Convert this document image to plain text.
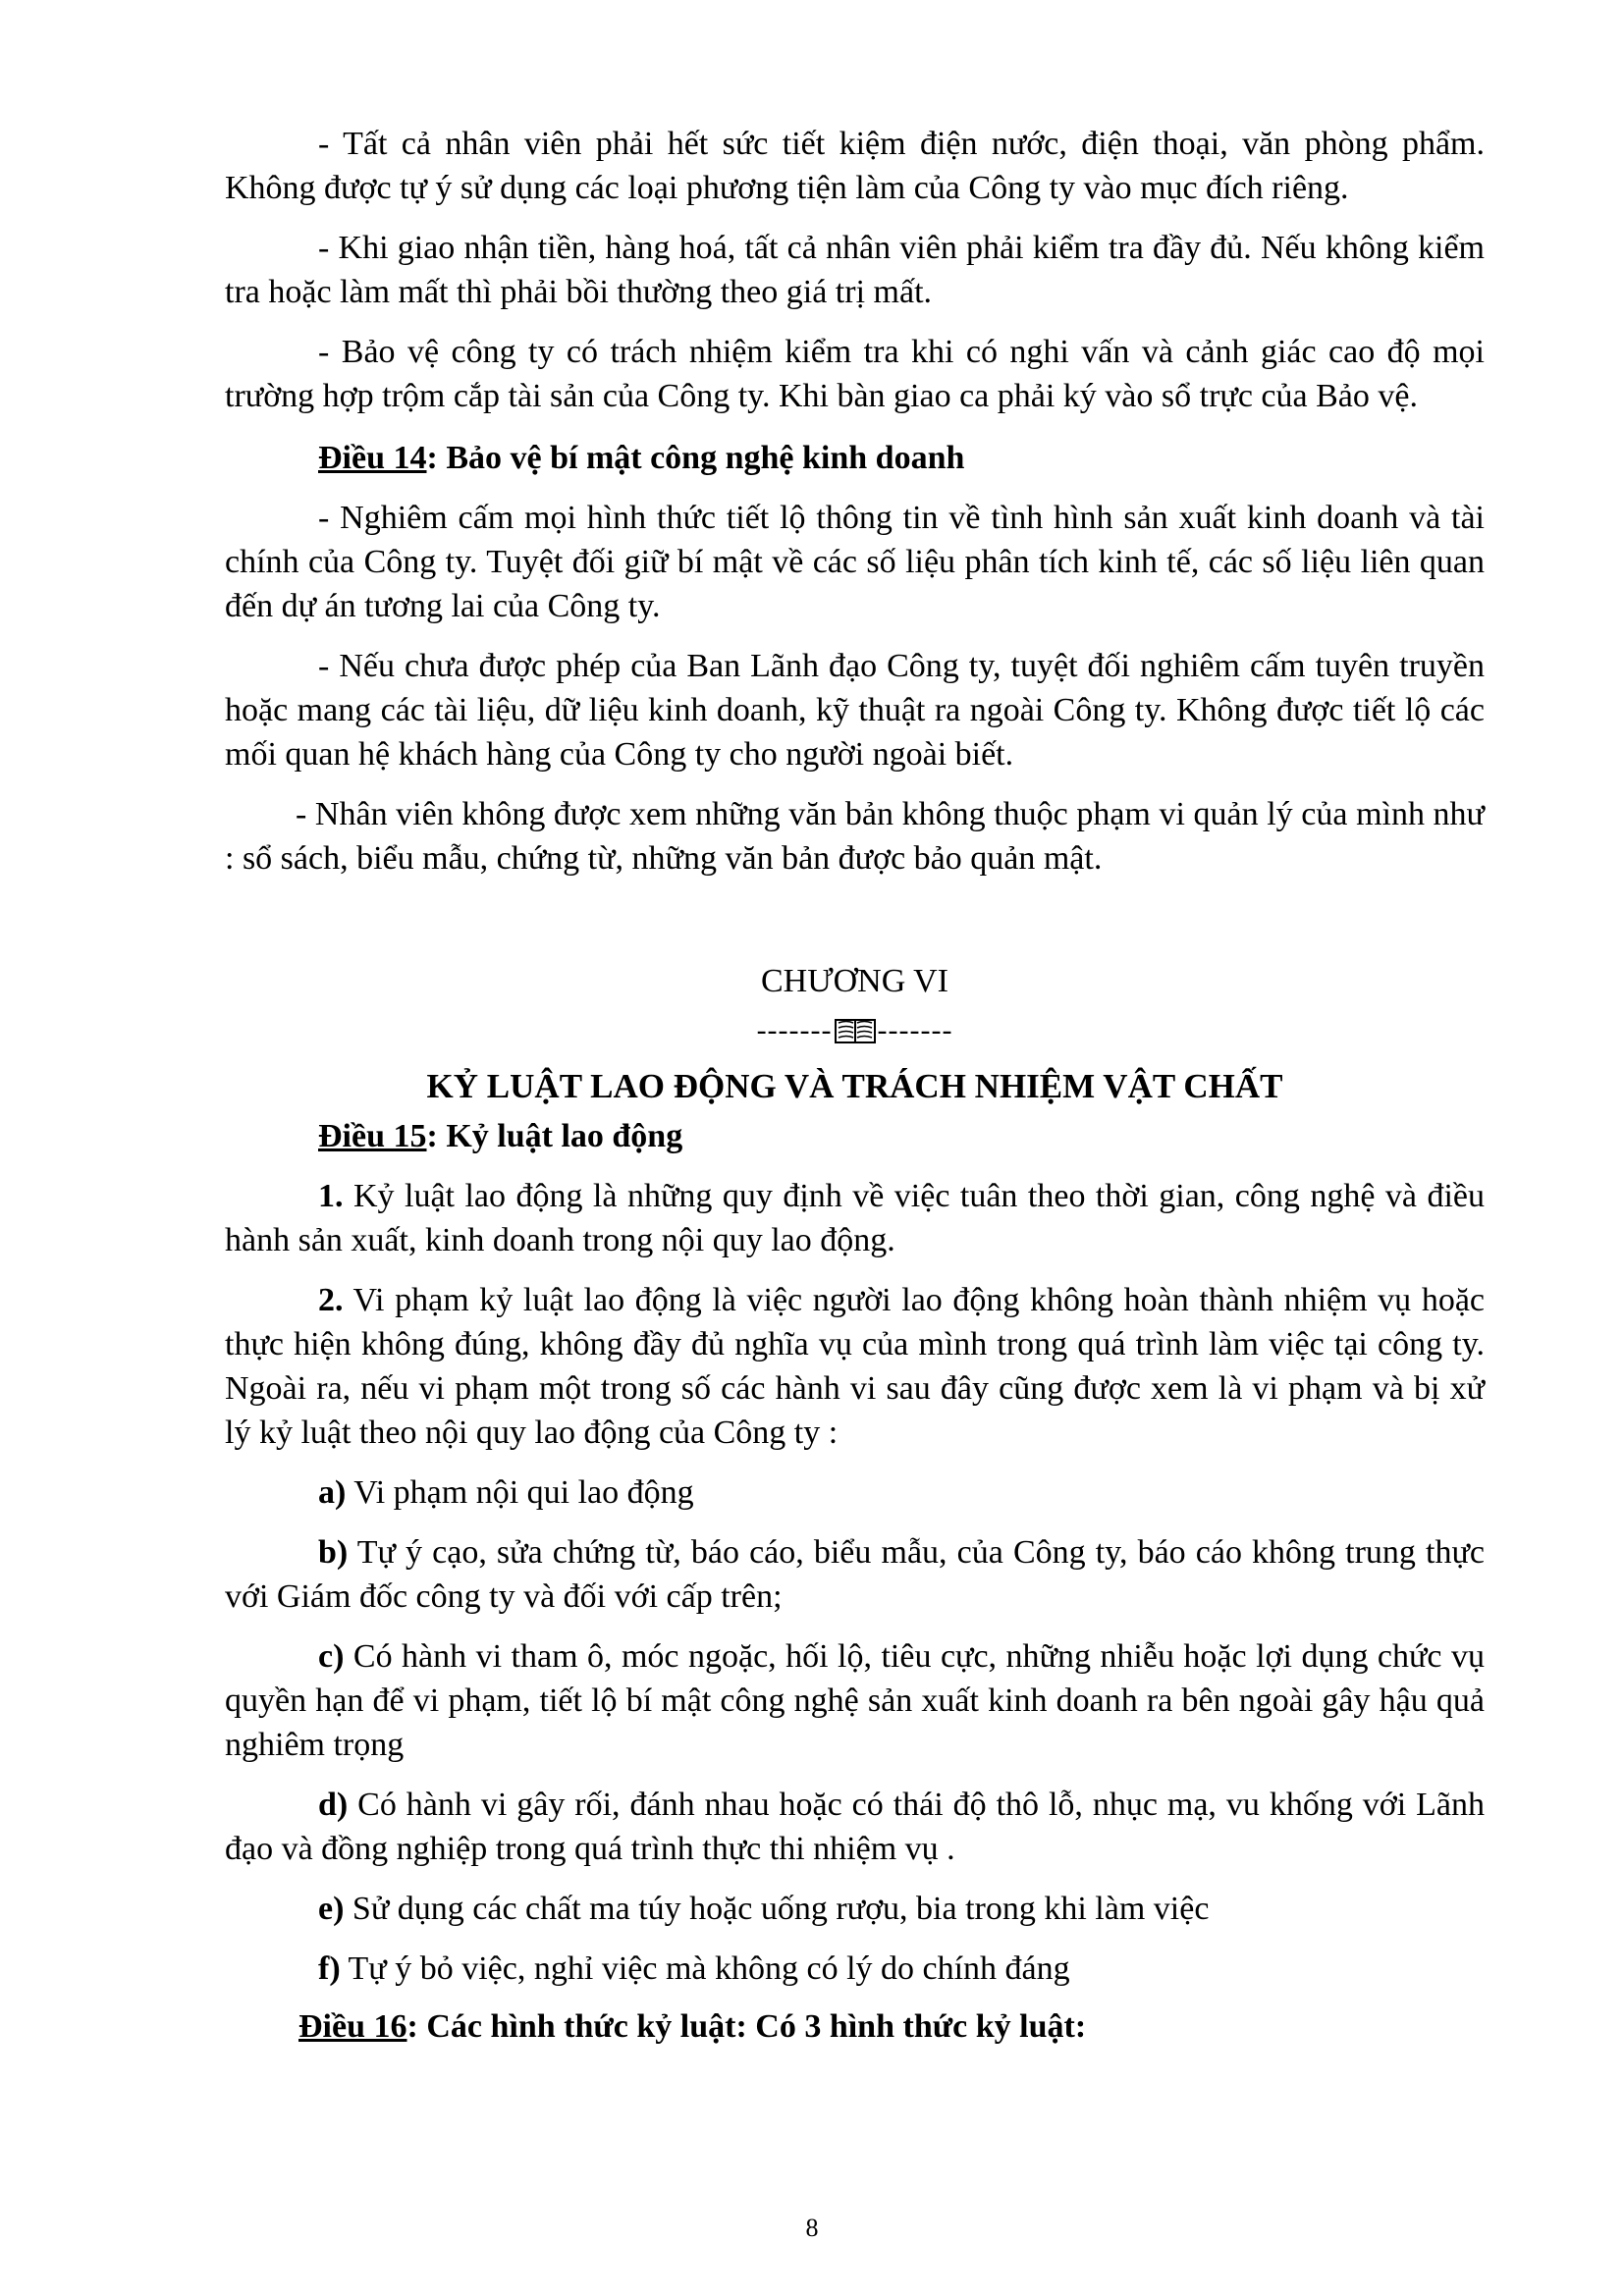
- Tất cả nhân viên phải hết sức tiết kiệm điện nước, điện thoại, văn phòng phẩm. Không được tự ý sử dụng các loại phương tiện làm của Công ty vào mục đích riêng.

- Khi giao nhận tiền, hàng hoá, tất cả nhân viên phải kiểm tra đầy đủ. Nếu không kiểm tra hoặc làm mất thì phải bồi thường theo giá trị mất.

- Bảo vệ công ty có trách nhiệm kiểm tra khi có nghi vấn và cảnh giác cao độ mọi trường hợp trộm cắp tài sản của Công ty. Khi bàn giao ca phải ký vào sổ trực của Bảo vệ.

Điều 14: Bảo vệ bí mật công nghệ kinh doanh

- Nghiêm cấm mọi hình thức tiết lộ thông tin về tình hình sản xuất kinh doanh và tài chính của Công ty. Tuyệt đối giữ bí mật về các số liệu phân tích kinh tế, các số liệu liên quan đến dự án tương lai của Công ty.

- Nếu chưa được phép của Ban Lãnh đạo Công ty, tuyệt đối nghiêm cấm tuyên truyền hoặc mang các tài liệu, dữ liệu kinh doanh, kỹ thuật ra ngoài Công ty. Không được tiết lộ các mối quan hệ khách hàng của Công ty cho người ngoài biết.

- Nhân viên không được xem những văn bản không thuộc phạm vi quản lý của mình như : sổ sách, biểu mẫu, chứng từ, những văn bản được bảo quản mật.

CHƯƠNG VI

------- -------

KỶ LUẬT LAO ĐỘNG VÀ TRÁCH NHIỆM VẬT CHẤT

Điều 15: Kỷ luật lao động

1. Kỷ luật lao động là những quy định về việc tuân theo thời gian, công nghệ và điều hành sản xuất, kinh doanh trong nội quy lao động.

2. Vi phạm kỷ luật lao động là việc người lao động không hoàn thành nhiệm vụ hoặc thực hiện không đúng, không đầy đủ nghĩa vụ của mình trong quá trình làm việc tại công ty. Ngoài ra, nếu vi phạm một trong số các hành vi sau đây cũng được xem là vi phạm và bị xử lý kỷ luật theo nội quy lao động của Công ty :

a) Vi phạm nội qui lao động

b) Tự ý cạo, sửa chứng từ, báo cáo, biểu mẫu, của Công ty, báo cáo không trung thực với Giám đốc công ty và đối với cấp trên;

c) Có hành vi tham ô, móc ngoặc, hối lộ, tiêu cực, những nhiễu hoặc lợi dụng chức vụ quyền hạn để vi phạm, tiết lộ bí mật công nghệ sản xuất kinh doanh ra bên ngoài gây hậu quả nghiêm trọng

d) Có hành vi gây rối, đánh nhau hoặc có thái độ thô lỗ, nhục mạ, vu khống với Lãnh đạo và đồng nghiệp trong quá trình thực thi nhiệm vụ .

e) Sử dụng các chất ma túy hoặc uống rượu, bia trong khi làm việc

f) Tự ý bỏ việc, nghỉ việc mà không có lý do chính đáng

Điều 16: Các hình thức kỷ luật: Có 3 hình thức kỷ luật:

8
